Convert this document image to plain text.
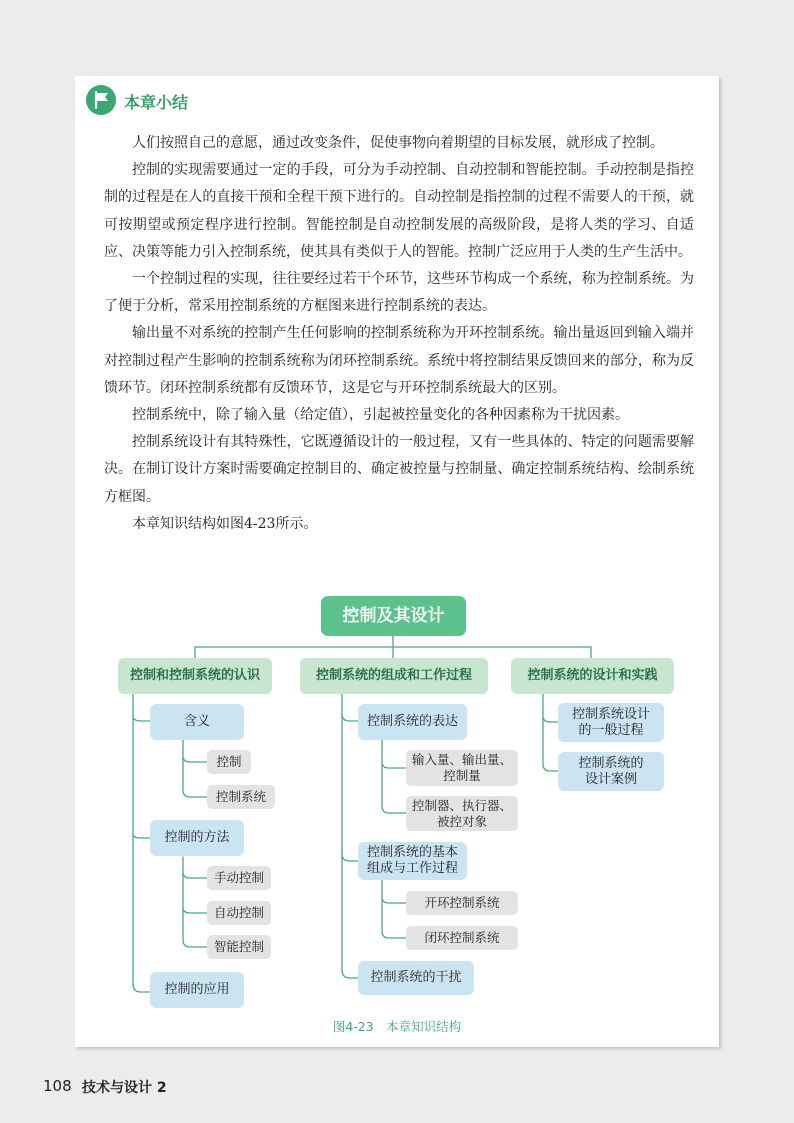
本章小结

人们按照自己的意愿，通过改变条件，促使事物向着期望的目标发展，就形成了控制。

控制的实现需要通过一定的手段，可分为手动控制、自动控制和智能控制。手动控制是指控制的过程是在人的直接干预和全程干预下进行的。自动控制是指控制的过程不需要人的干预，就可按期望或预定程序进行控制。智能控制是自动控制发展的高级阶段，是将人类的学习、自适应、决策等能力引入控制系统，使其具有类似于人的智能。控制广泛应用于人类的生产生活中。

一个控制过程的实现，往往要经过若干个环节，这些环节构成一个系统，称为控制系统。为了便于分析，常采用控制系统的方框图来进行控制系统的表达。

输出量不对系统的控制产生任何影响的控制系统称为开环控制系统。输出量返回到输入端并对控制过程产生影响的控制系统称为闭环控制系统。系统中将控制结果反馈回来的部分，称为反馈环节。闭环控制系统都有反馈环节，这是它与开环控制系统最大的区别。

控制系统中，除了输入量（给定值），引起被控量变化的各种因素称为干扰因素。

控制系统设计有其特殊性，它既遵循设计的一般过程，又有一些具体的、特定的问题需要解决。在制订设计方案时需要确定控制目的、确定被控量与控制量、确定控制系统结构、绘制系统方框图。

本章知识结构如图4-23所示。

控制及其设计
控制和控制系统的认识	控制系统的组成和工作过程	控制系统的设计和实践
含义
控制
控制系统
控制的方法
手动控制
自动控制
智能控制
控制的应用
控制系统的表达
输入量、输出量、
控制量
控制器、执行器、
被控对象
控制系统的基本
组成与工作过程
开环控制系统
闭环控制系统
控制系统的干扰
控制系统设计
的一般过程
控制系统的
设计案例
图4-23　本章知识结构
108 技术与设计 2
